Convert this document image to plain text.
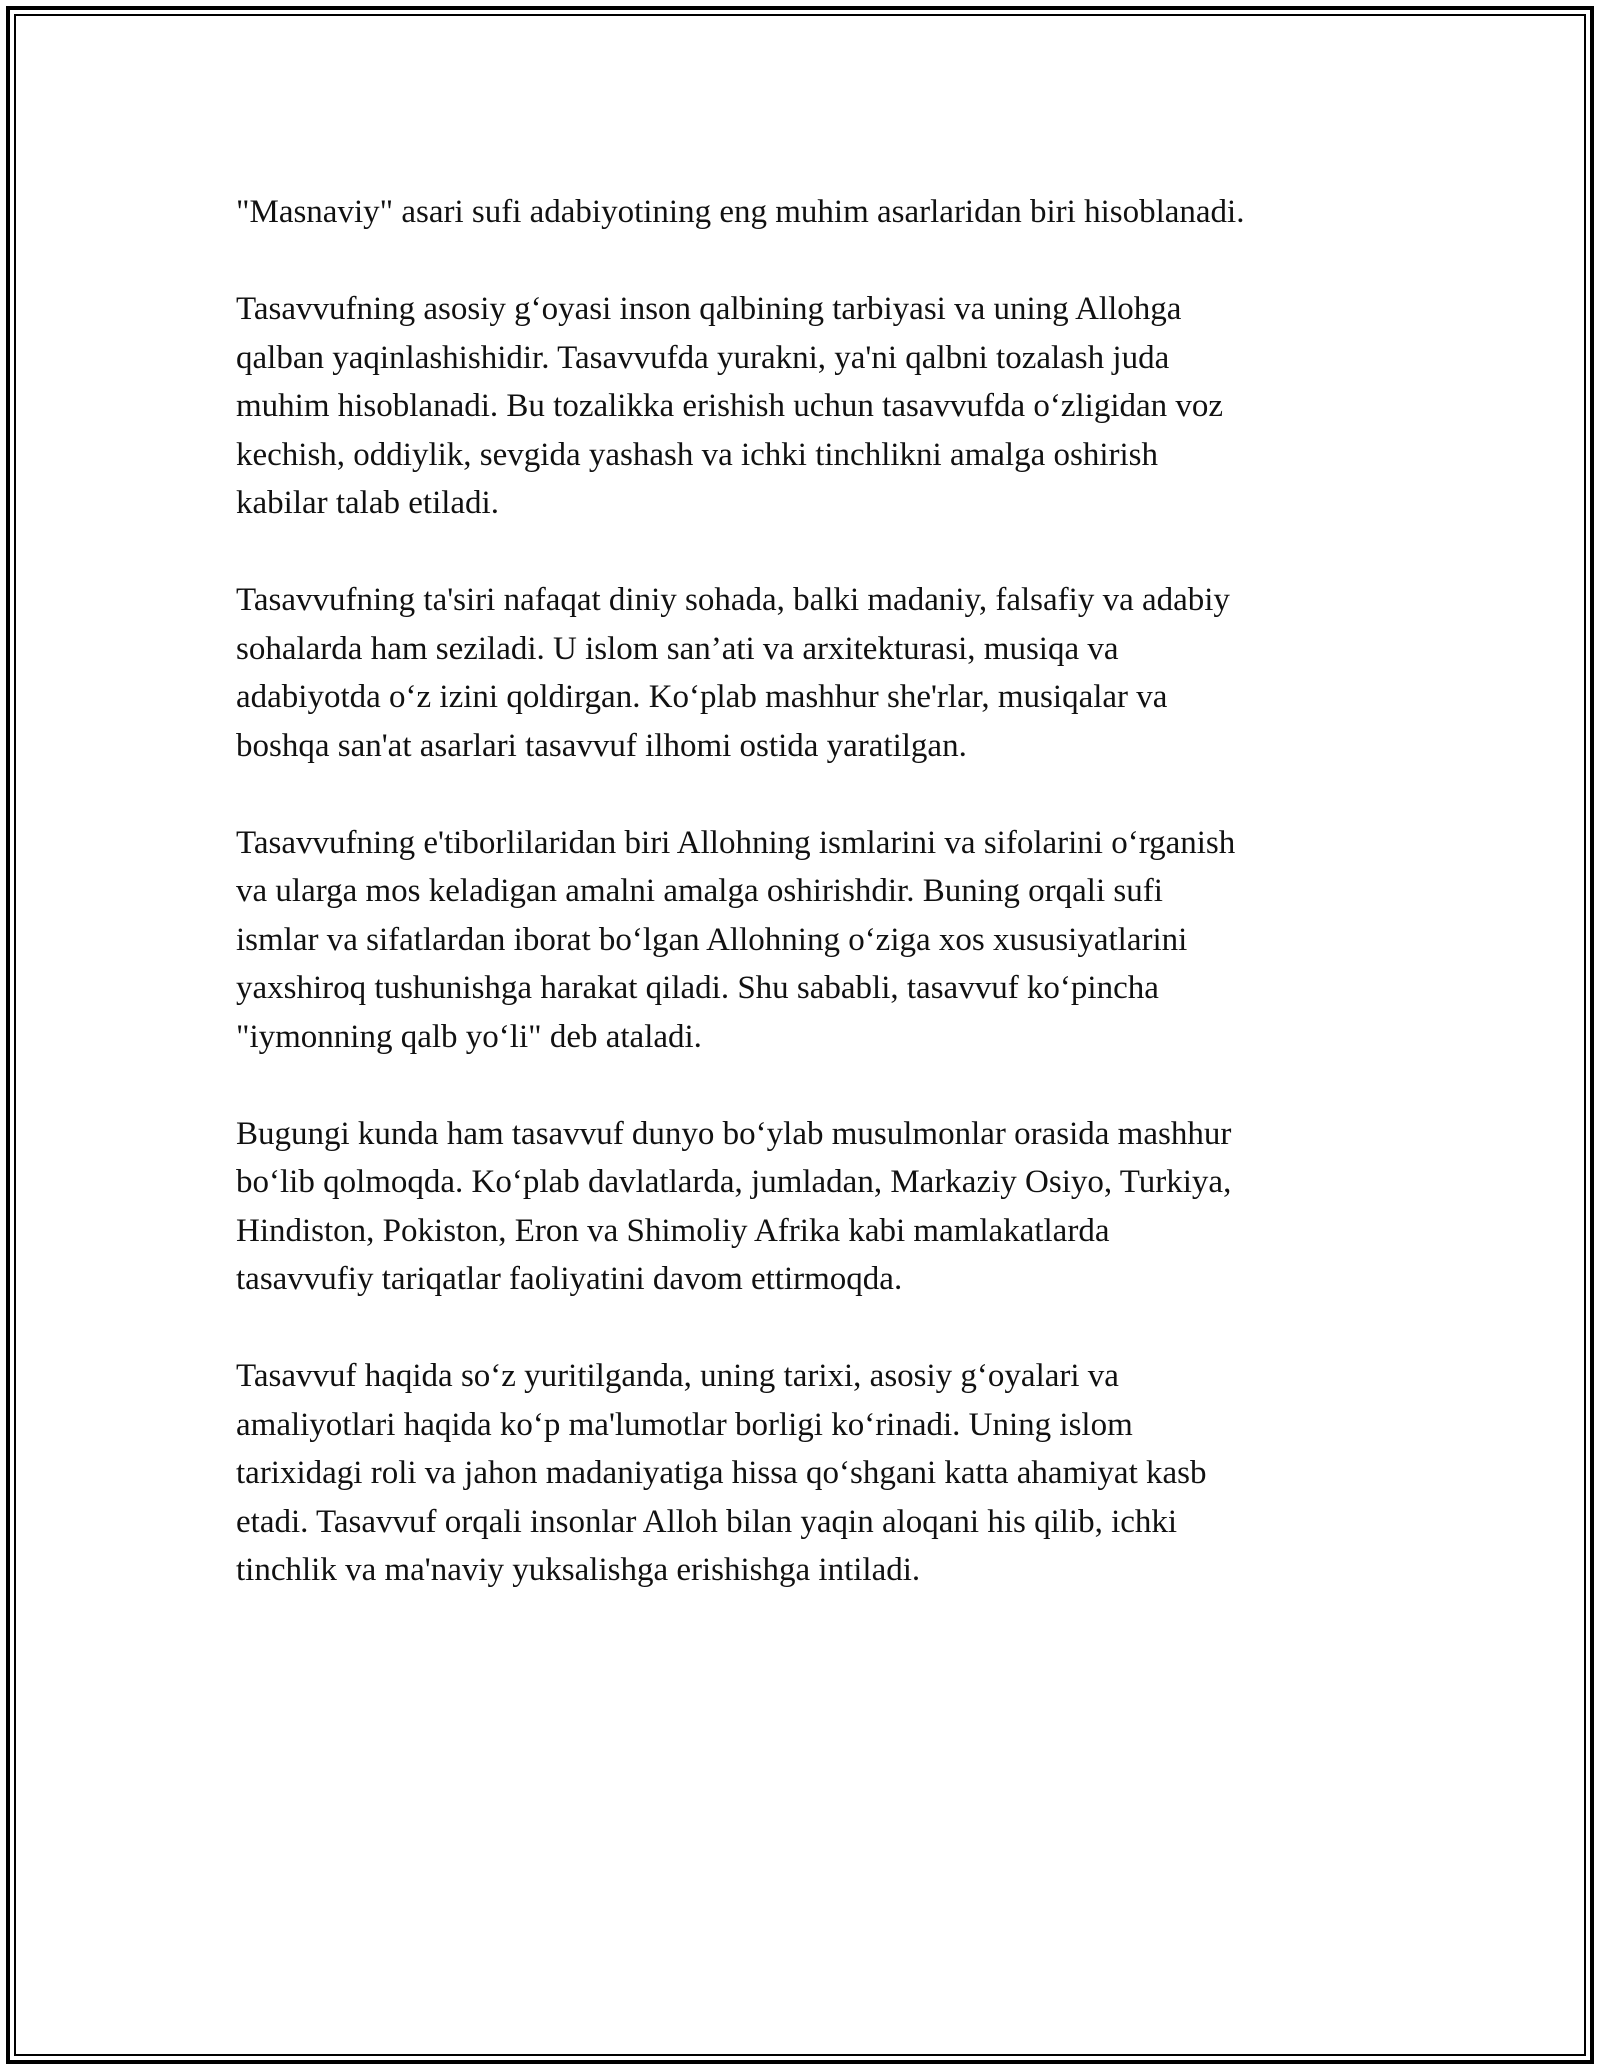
"Masnaviy" asari sufi adabiyotining eng muhim asarlaridan biri hisoblanadi.

Tasavvufning asosiy gʻoyasi inson qalbining tarbiyasi va uning Allohga
qalban yaqinlashishidir. Tasavvufda yurakni, ya'ni qalbni tozalash juda
muhim hisoblanadi. Bu tozalikka erishish uchun tasavvufda oʻzligidan voz
kechish, oddiylik, sevgida yashash va ichki tinchlikni amalga oshirish
kabilar talab etiladi.

Tasavvufning ta'siri nafaqat diniy sohada, balki madaniy, falsafiy va adabiy
sohalarda ham seziladi. U islom san’ati va arxitekturasi, musiqa va
adabiyotda oʻz izini qoldirgan. Koʻplab mashhur she'rlar, musiqalar va
boshqa san'at asarlari tasavvuf ilhomi ostida yaratilgan.

Tasavvufning e'tiborlilaridan biri Allohning ismlarini va sifolarini oʻrganish
va ularga mos keladigan amalni amalga oshirishdir. Buning orqali sufi
ismlar va sifatlardan iborat boʻlgan Allohning oʻziga xos xususiyatlarini
yaxshiroq tushunishga harakat qiladi. Shu sababli, tasavvuf koʻpincha
"iymonning qalb yoʻli" deb ataladi.

Bugungi kunda ham tasavvuf dunyo boʻylab musulmonlar orasida mashhur
boʻlib qolmoqda. Koʻplab davlatlarda, jumladan, Markaziy Osiyo, Turkiya,
Hindiston, Pokiston, Eron va Shimoliy Afrika kabi mamlakatlarda
tasavvufiy tariqatlar faoliyatini davom ettirmoqda.

Tasavvuf haqida soʻz yuritilganda, uning tarixi, asosiy gʻoyalari va
amaliyotlari haqida koʻp ma'lumotlar borligi koʻrinadi. Uning islom
tarixidagi roli va jahon madaniyatiga hissa qoʻshgani katta ahamiyat kasb
etadi. Tasavvuf orqali insonlar Alloh bilan yaqin aloqani his qilib, ichki
tinchlik va ma'naviy yuksalishga erishishga intiladi.
